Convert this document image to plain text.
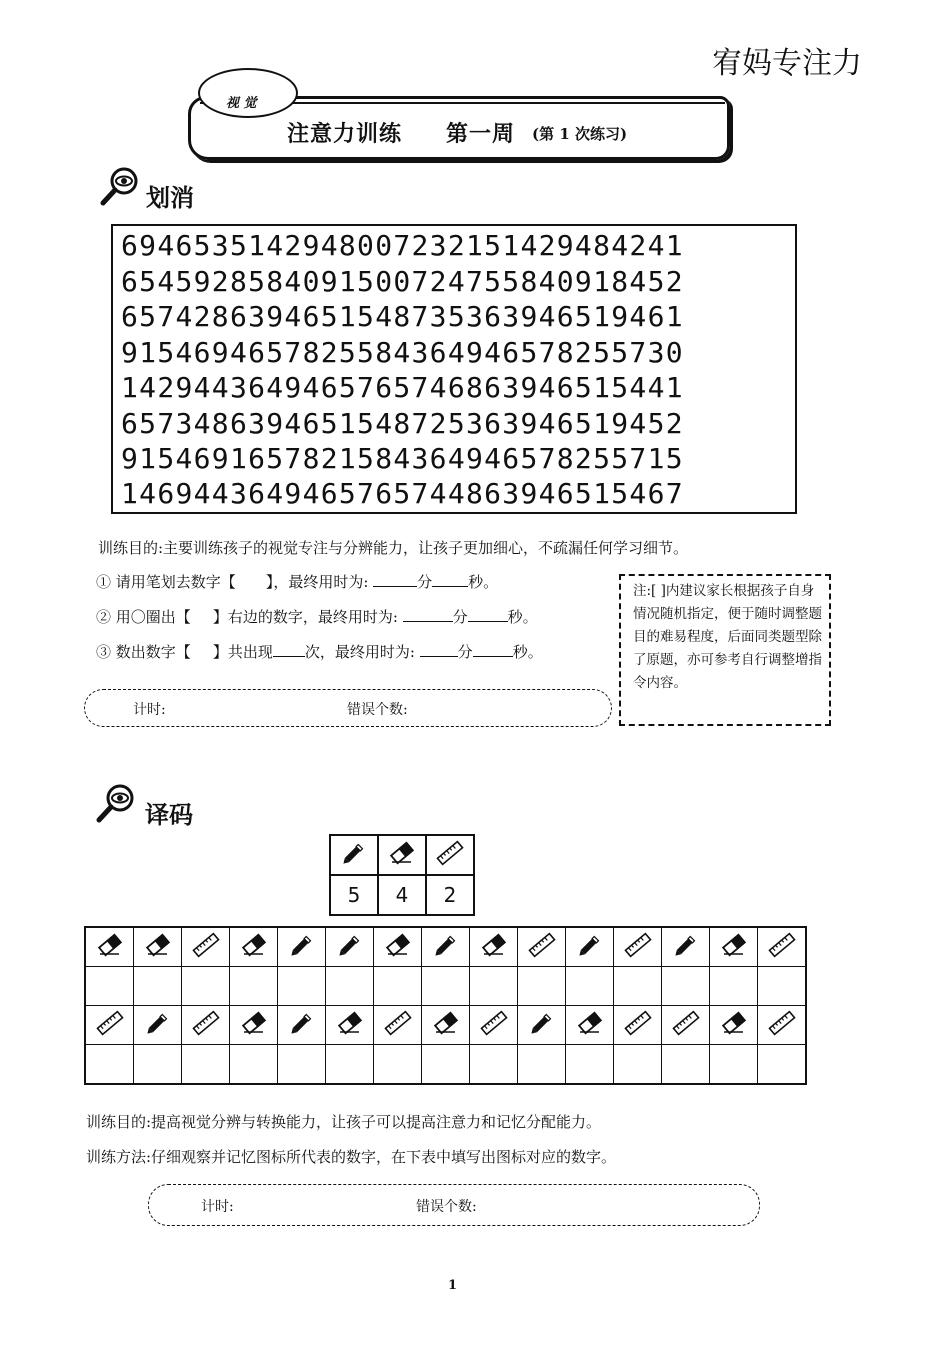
宥妈专注力
视 觉
注意力训练 第一周 (第 1 次练习)
划消
694653514294800723215142948424​1
6545928584091500724755840918452
6574286394651548735363946519461
9154694657825584364946578255730
1429443649465765746863946515441
6573486394651548725363946519452
9154691657821584364946578255715
1469443649465765744863946515467
训练目的:主要训练孩子的视觉专注与分辨能力，让孩子更加细心，不疏漏任何学习细节。
① 请用笔划去数字【 】，最终用时为:	分 秒。
② 用〇圈出【 】右边的数字，最终用时为:	分	秒。
③ 数出数字【 】共出现 次，最终用时为:	分	秒。
注:[ ]内建议家长根据孩子自身情况随机指定，便于随时调整题目的难易程度，后面同类题型除了原题，亦可参考自行调整增指令内容。
计时:	错误个数:
译码

5	4	2

训练目的:提高视觉分辨与转换能力，让孩子可以提高注意力和记忆分配能力。
训练方法:仔细观察并记忆图标所代表的数字，在下表中填写出图标对应的数字。
计时:	错误个数:
1
